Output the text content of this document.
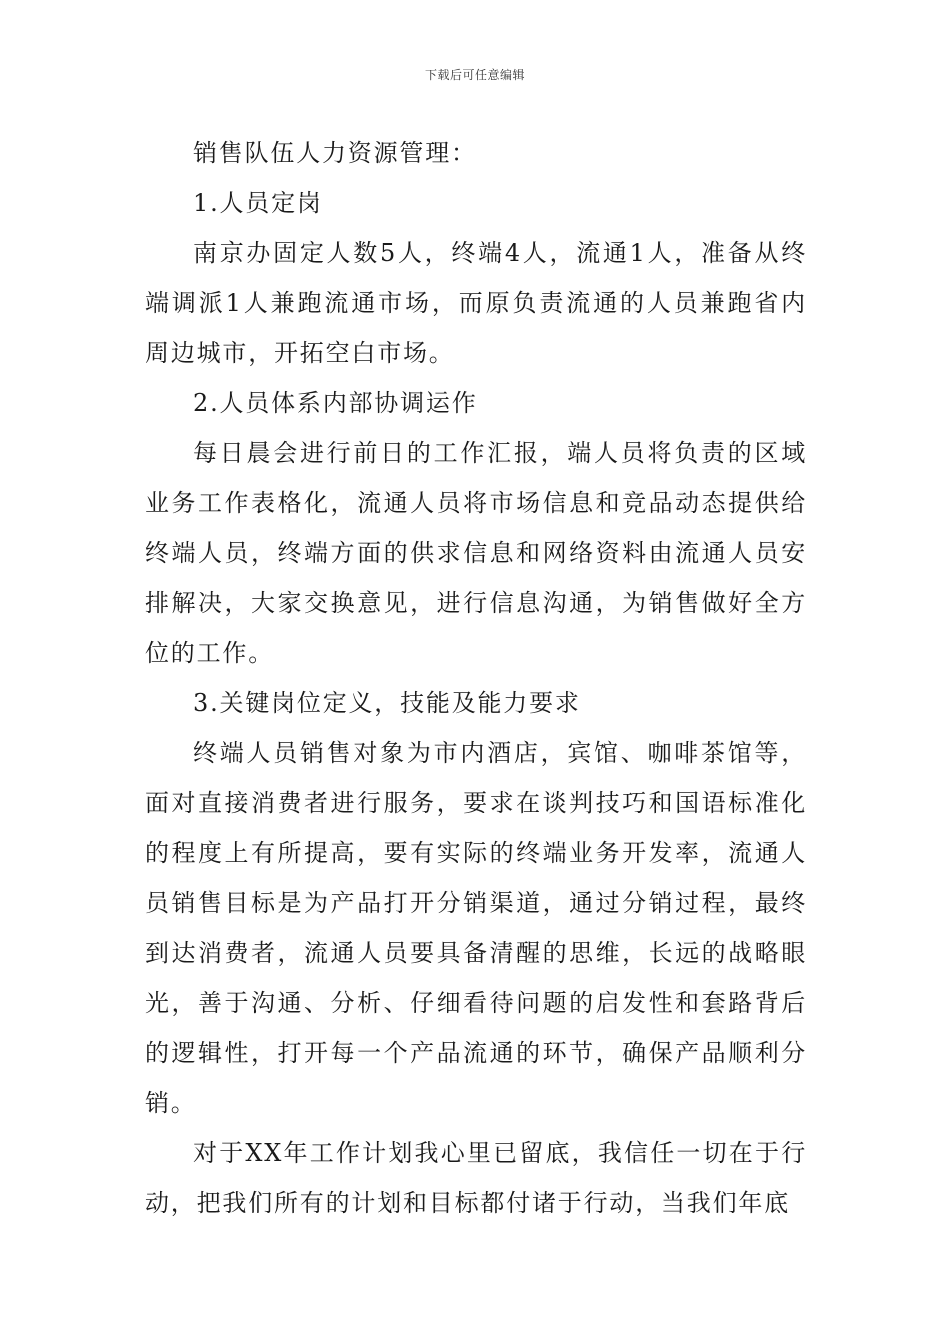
下载后可任意编辑

销售队伍人力资源管理：

1.人员定岗

南京办固定人数5人，终端4人，流通1人，准备从终端调派1人兼跑流通市场，而原负责流通的人员兼跑省内周边城市，开拓空白市场。

2.人员体系内部协调运作

每日晨会进行前日的工作汇报，端人员将负责的区域业务工作表格化，流通人员将市场信息和竞品动态提供给终端人员，终端方面的供求信息和网络资料由流通人员安排解决，大家交换意见，进行信息沟通，为销售做好全方位的工作。

3.关键岗位定义，技能及能力要求

终端人员销售对象为市内酒店，宾馆、咖啡茶馆等，面对直接消费者进行服务，要求在谈判技巧和国语标准化的程度上有所提高，要有实际的终端业务开发率，流通人员销售目标是为产品打开分销渠道，通过分销过程，最终到达消费者，流通人员要具备清醒的思维，长远的战略眼光，善于沟通、分析、仔细看待问题的启发性和套路背后的逻辑性，打开每一个产品流通的环节，确保产品顺利分销。

对于XX年工作计划我心里已留底，我信任一切在于行动，把我们所有的计划和目标都付诸于行动，当我们年底
